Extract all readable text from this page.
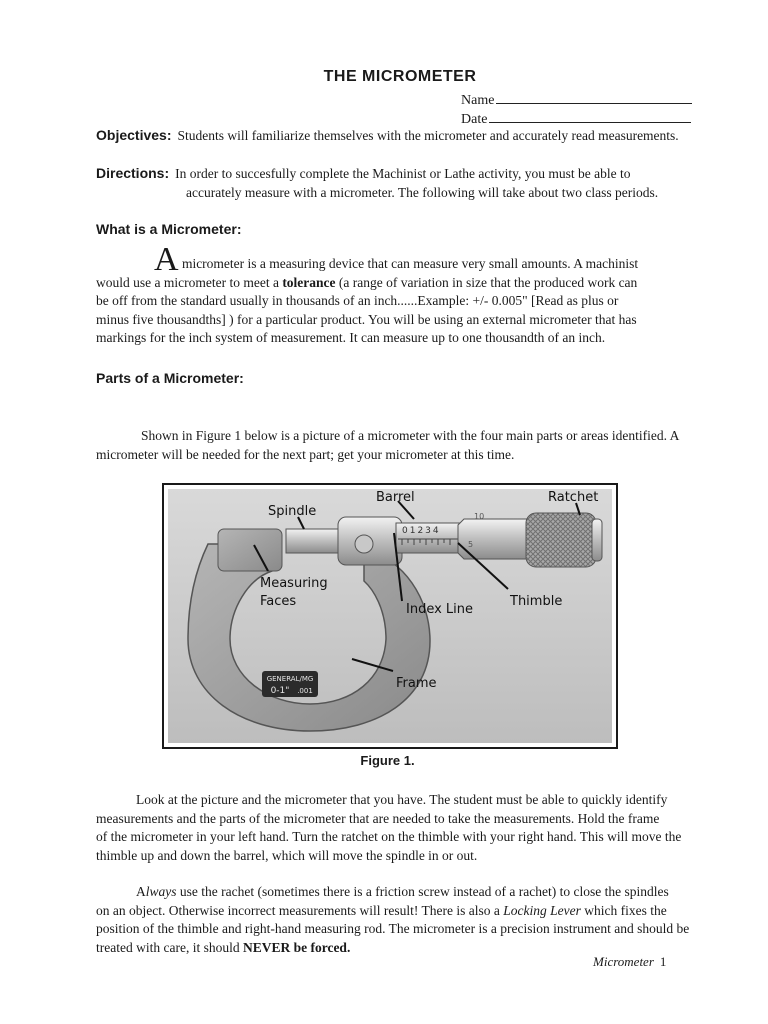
THE MICROMETER
Name
Date
Objectives: Students will familiarize themselves with the micrometer and accurately read measurements.
Directions: In order to succesfully complete the Machinist or Lathe activity, you must be able to
accurately measure with a micrometer. The following will take about two class periods.
What is a Micrometer:
A micrometer is a measuring device that can measure very small amounts. A machinist
would use a micrometer to meet a tolerance (a range of variation in size that the produced work can
be off from the standard usually in thousands of an inch......Example: +/- 0.005" [Read as plus or
minus five thousandths] ) for a particular product. You will be using an external micrometer that has
markings for the inch system of measurement. It can measure up to one thousandth of an inch.
Parts of a Micrometer:
Shown in Figure 1 below is a picture of a micrometer with the four main parts or areas identified. A
micrometer will be needed for the next part; get your micrometer at this time.
GENERAL/MG
0-1" .001
01234
10
5
Spindle
Barrel	Ratchet
Measuring
Faces
Index Line
Thimble
Frame
Figure 1.
Look at the picture and the micrometer that you have. The student must be able to quickly identify
measurements and the parts of the micrometer that are needed to take the measurements. Hold the frame
of the micrometer in your left hand. Turn the ratchet on the thimble with your right hand. This will move the
thimble up and down the barrel, which will move the spindle in or out.
Always use the rachet (sometimes there is a friction screw instead of a rachet) to close the spindles
on an object. Otherwise incorrect measurements will result! There is also a Locking Lever which fixes the
position of the thimble and right-hand measuring rod. The micrometer is a precision instrument and should be
treated with care, it should NEVER be forced.
Micrometer 1
